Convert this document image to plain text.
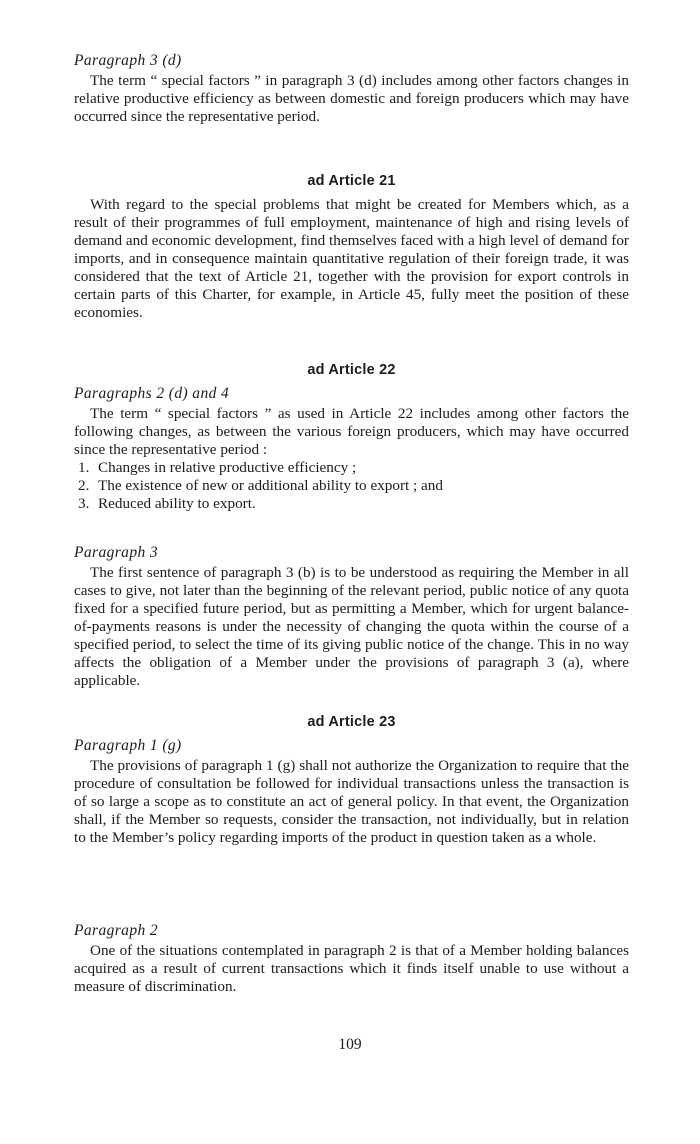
Paragraph 3 (d)

The term “ special factors ” in paragraph 3 (d) includes among other factors changes in relative productive efficiency as between domestic and foreign producers which may have occurred since the representative period.

ad Article 21

With regard to the special problems that might be created for Members which, as a result of their programmes of full employment, maintenance of high and rising levels of demand and economic development, find themselves faced with a high level of demand for imports, and in consequence maintain quantitative regulation of their foreign trade, it was considered that the text of Article 21, together with the provision for export controls in certain parts of this Charter, for example, in Article 45, fully meet the position of these economies.

ad Article 22

Paragraphs 2 (d) and 4

The term “ special factors ” as used in Article 22 includes among other factors the following changes, as between the various foreign producers, which may have occurred since the representative period :

1. Changes in relative productive efficiency ;
2. The existence of new or additional ability to export ; and
3. Reduced ability to export.

Paragraph 3

The first sentence of paragraph 3 (b) is to be understood as requiring the Member in all cases to give, not later than the beginning of the relevant period, public notice of any quota fixed for a specified future period, but as permitting a Member, which for urgent balance-of-payments reasons is under the necessity of changing the quota within the course of a specified period, to select the time of its giving public notice of the change. This in no way affects the obligation of a Member under the provisions of paragraph 3 (a), where applicable.

ad Article 23

Paragraph 1 (g)

The provisions of paragraph 1 (g) shall not authorize the Organization to require that the procedure of consultation be followed for individual transactions unless the transaction is of so large a scope as to constitute an act of general policy. In that event, the Organization shall, if the Member so requests, consider the transaction, not individually, but in relation to the Member’s policy regarding imports of the product in question taken as a whole.

Paragraph 2

One of the situations contemplated in paragraph 2 is that of a Member holding balances acquired as a result of current transactions which it finds itself unable to use without a measure of discrimination.

109
